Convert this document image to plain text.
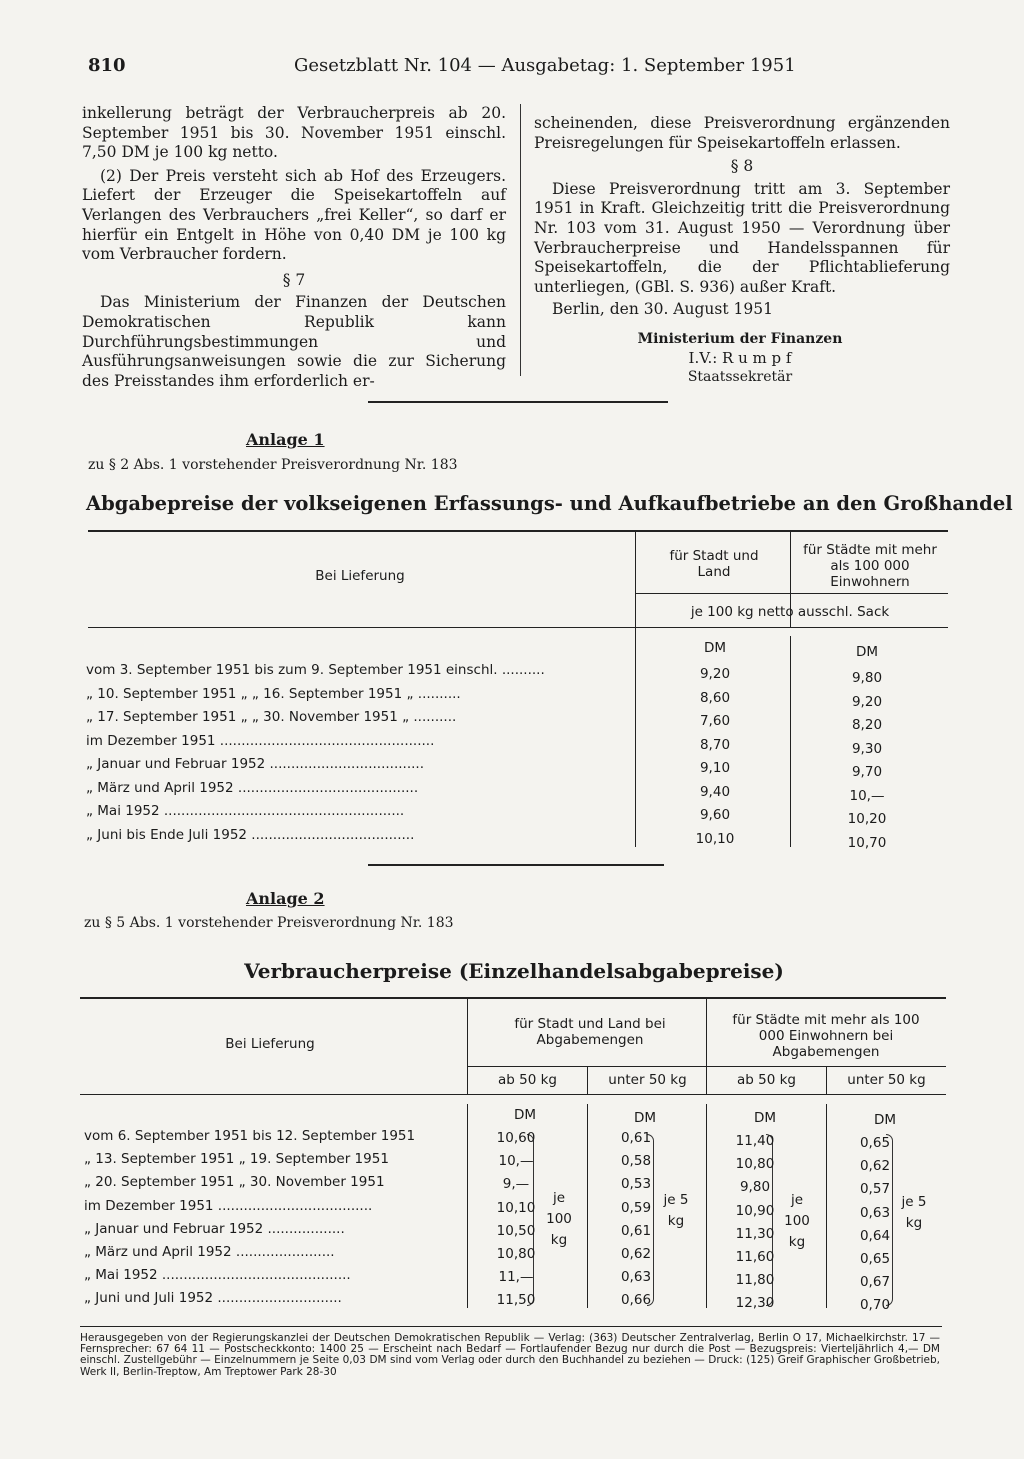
810	Gesetzblatt Nr. 104 — Ausgabetag: 1. September 1951

inkellerung beträgt der Verbraucherpreis ab 20. September 1951 bis 30. November 1951 einschl. 7,50 DM je 100 kg netto.

(2) Der Preis versteht sich ab Hof des Erzeugers. Liefert der Erzeuger die Speisekartoffeln auf Verlangen des Verbrauchers „frei Keller“, so darf er hierfür ein Entgelt in Höhe von 0,40 DM je 100 kg vom Verbraucher fordern.

§ 7

Das Ministerium der Finanzen der Deutschen Demokratischen Republik kann Durchführungsbestimmungen und Ausführungsanweisungen sowie die zur Sicherung des Preisstandes ihm erforderlich er-

scheinenden, diese Preisverordnung ergänzenden Preisregelungen für Speisekartoffeln erlassen.

§ 8

Diese Preisverordnung tritt am 3. September 1951 in Kraft. Gleichzeitig tritt die Preisverordnung Nr. 103 vom 31. August 1950 — Verordnung über Verbraucherpreise und Handelsspannen für Speisekartoffeln, die der Pflichtablieferung unterliegen, (GBl. S. 936) außer Kraft.

Berlin, den 30. August 1951

Ministerium der Finanzen
I.V.: R u m p f
Staatssekretär
Anlage 1
zu § 2 Abs. 1 vorstehender Preisverordnung Nr. 183
Abgabepreise der volkseigenen Erfassungs- und Aufkaufbetriebe an den Großhandel
Bei Lieferung
für Stadt und Land
für Städte mit mehr als 100 000 Einwohnern
je 100 kg netto ausschl. Sack
DM	DM
vom 3. September 1951 bis zum 9. September 1951 einschl. ..........	9,20	9,80
„ 10. September 1951 „ „ 16. September 1951 „ ..........	8,60	9,20
„ 17. September 1951 „ „ 30. November 1951 „ ..........	7,60	8,20
im Dezember 1951 ..................................................	8,70	9,30
„ Januar und Februar 1952 ....................................	9,10	9,70
„ März und April 1952 ..........................................	9,40	10,—
„ Mai 1952 ........................................................	9,60	10,20
„ Juni bis Ende Juli 1952 ......................................	10,10	10,70
Anlage 2
zu § 5 Abs. 1 vorstehender Preisverordnung Nr. 183
Verbraucherpreise (Einzelhandelsabgabepreise)
Bei Lieferung
für Stadt und Land bei Abgabemengen
für Städte mit mehr als 100 000 Einwohnern bei Abgabemengen
ab 50 kg	unter 50 kg	ab 50 kg	unter 50 kg
DM	DM	DM	DM
je 100 kg
je 5 kg
je 100 kg
je 5 kg
vom 6. September 1951 bis 12. September 1951	10,60	0,61	11,40	0,65
„ 13. September 1951 „ 19. September 1951	10,—	0,58	10,80	0,62
„ 20. September 1951 „ 30. November 1951	9,—	0,53	9,80	0,57
im Dezember 1951 ....................................	10,10	0,59	10,90	0,63
„ Januar und Februar 1952 ..................	10,50	0,61	11,30	0,64
„ März und April 1952 .......................	10,80	0,62	11,60	0,65
„ Mai 1952 ............................................	11,—	0,63	11,80	0,67
„ Juni und Juli 1952 .............................	11,50	0,66	12,30	0,70
Herausgegeben von der Regierungskanzlei der Deutschen Demokratischen Republik — Verlag: (363) Deutscher Zentralverlag, Berlin O 17, Michaelkirchstr. 17 — Fernsprecher: 67 64 11 — Postscheckkonto: 1400 25 — Erscheint nach Bedarf — Fortlaufender Bezug nur durch die Post — Bezugspreis: Vierteljährlich 4,— DM einschl. Zustellgebühr — Einzelnummern je Seite 0,03 DM sind vom Verlag oder durch den Buchhandel zu beziehen — Druck: (125) Greif Graphischer Großbetrieb, Werk II, Berlin-Treptow, Am Treptower Park 28-30
